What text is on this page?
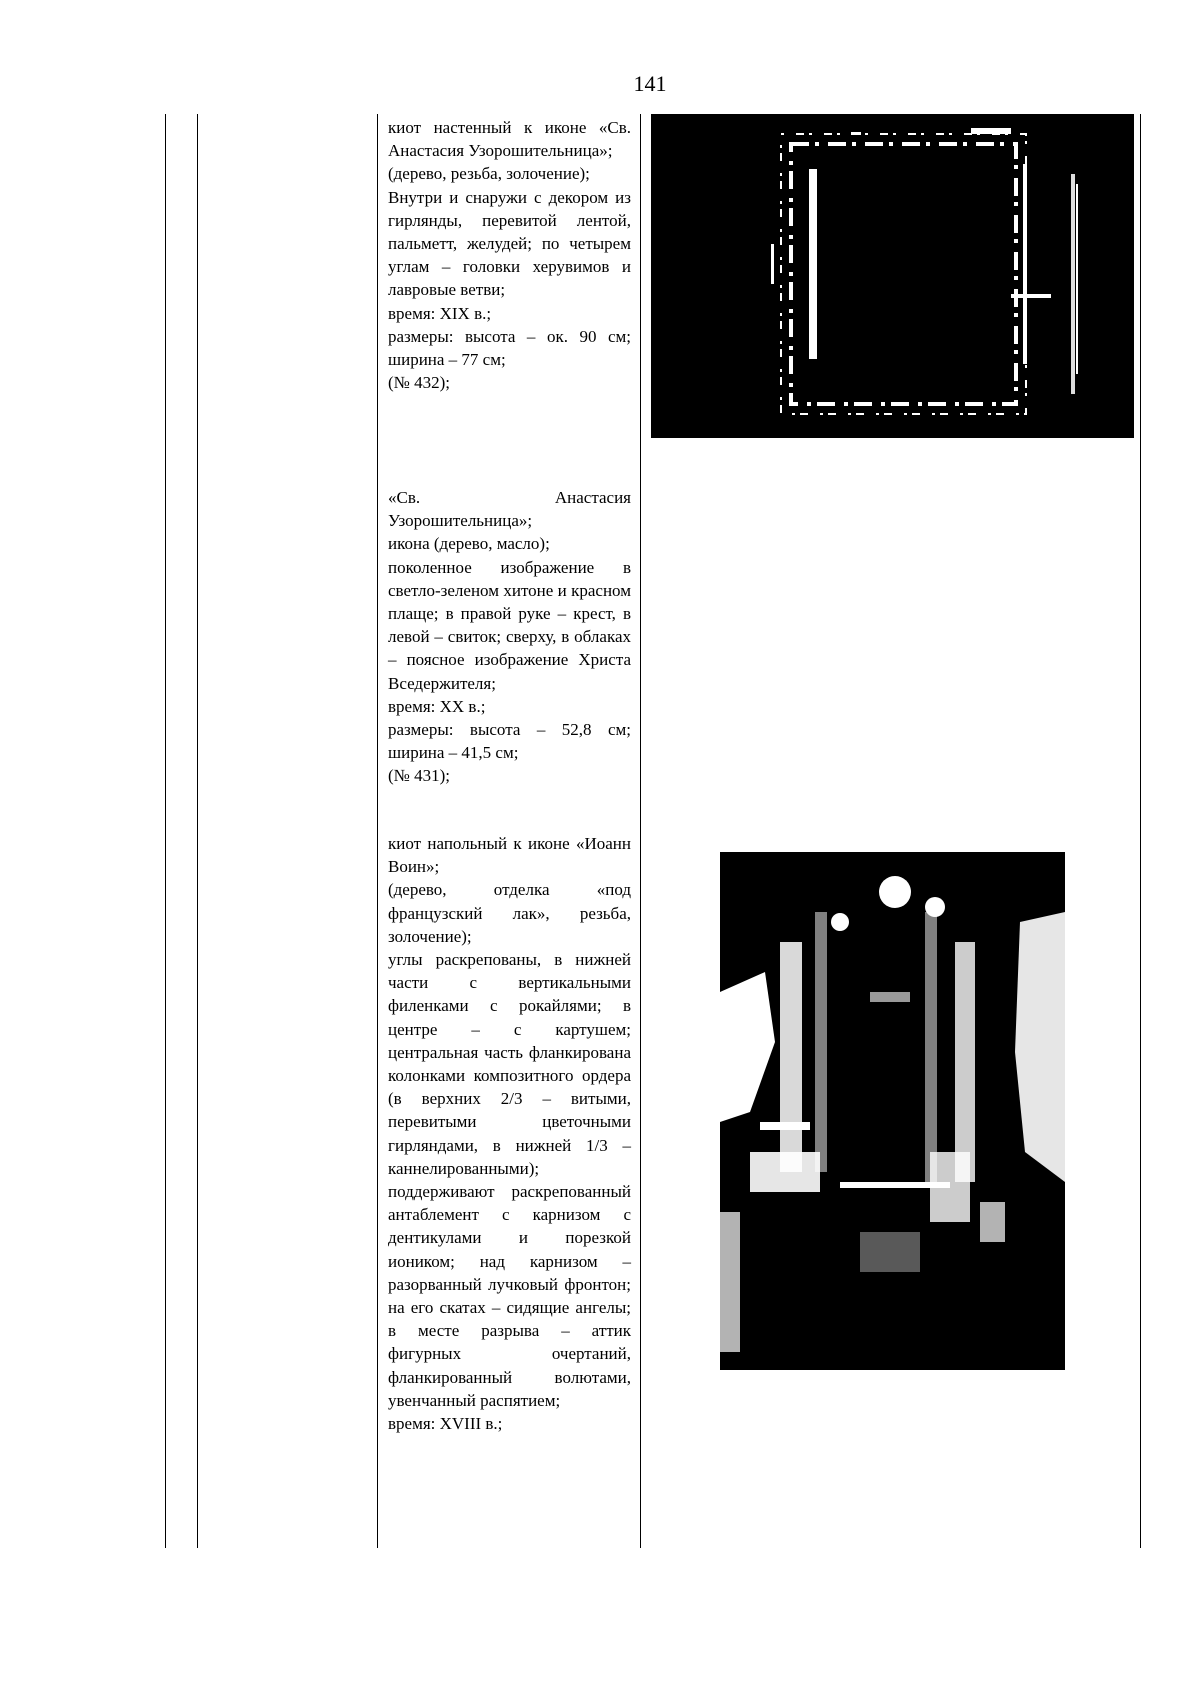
141

киот настенный к иконе «Св. Анастасия Узорошительница»;

(дерево, резьба, золочение);

Внутри и снаружи с декором из гирлянды, перевитой лентой, пальметт, желудей; по четырем углам – головки херувимов и лавровые ветви;

время: XIX в.;

размеры: высота – ок. 90 см; ширина – 77 см;

(№ 432);

«Св. Анастасия Узорошительница»;

икона (дерево, масло);

поколенное изображение в светло-зеленом хитоне и красном плаще; в правой руке – крест, в левой – свиток; сверху, в облаках – поясное изображение Христа Вседержителя;

время: XX в.;

размеры: высота – 52,8 см; ширина – 41,5 см;

(№ 431);

киот напольный к иконе «Иоанн Воин»;

(дерево, отделка «под французский лак», резьба, золочение);

углы раскрепованы, в нижней части с вертикальными филенками с рокайлями; в центре – с картушем; центральная часть фланкирована колонками композитного ордера (в верхних 2/3 – витыми, перевитыми цветочными гирляндами, в нижней 1/3 – каннелированными); поддерживают раскрепованный антаблемент с карнизом с дентикулами и порезкой иоником; над карнизом – разорванный лучковый фронтон; на его скатах – сидящие ангелы; в месте разрыва – аттик фигурных очертаний, фланкированный волютами, увенчанный распятием;

время: XVIII в.;
